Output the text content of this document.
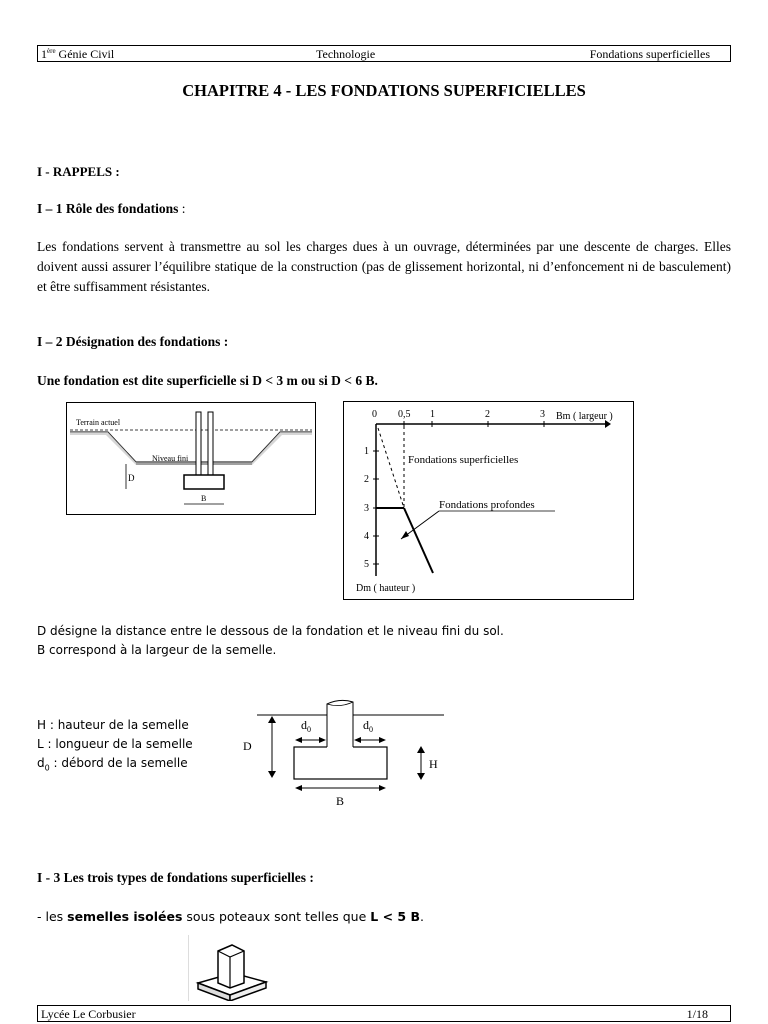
1ère Génie Civil	Technologie	Fondations superficielles
CHAPITRE 4 - LES FONDATIONS SUPERFICIELLES
I - RAPPELS :
I – 1 Rôle des fondations :
Les fondations servent à transmettre au sol les charges dues à un ouvrage, déterminées par une descente de charges. Elles doivent aussi assurer l’équilibre statique de la construction (pas de glissement horizontal, ni d’enfoncement ni de basculement) et être suffisamment résistantes.
I – 2 Désignation des fondations :
Une fondation est dite superficielle si D < 3 m ou si D < 6 B.
Terrain actuel
Niveau fini
D
B
0 0,5 1	2	3 Bm ( largeur )
1
2
3
4
5
Dm ( hauteur )
Fondations superficielles
Fondations profondes
D désigne la distance entre le dessous de la fondation et le niveau fini du sol.
B correspond à la largeur de la semelle.
H : hauteur de la semelle
L : longueur de la semelle
$d_0$ : débord de la semelle
D
H
B
$d_0$	$d_0$
I - 3 Les trois types de fondations superficielles :
- les semelles isolées sous poteaux sont telles que L < 5 B.
Lycée Le Corbusier	1/18
